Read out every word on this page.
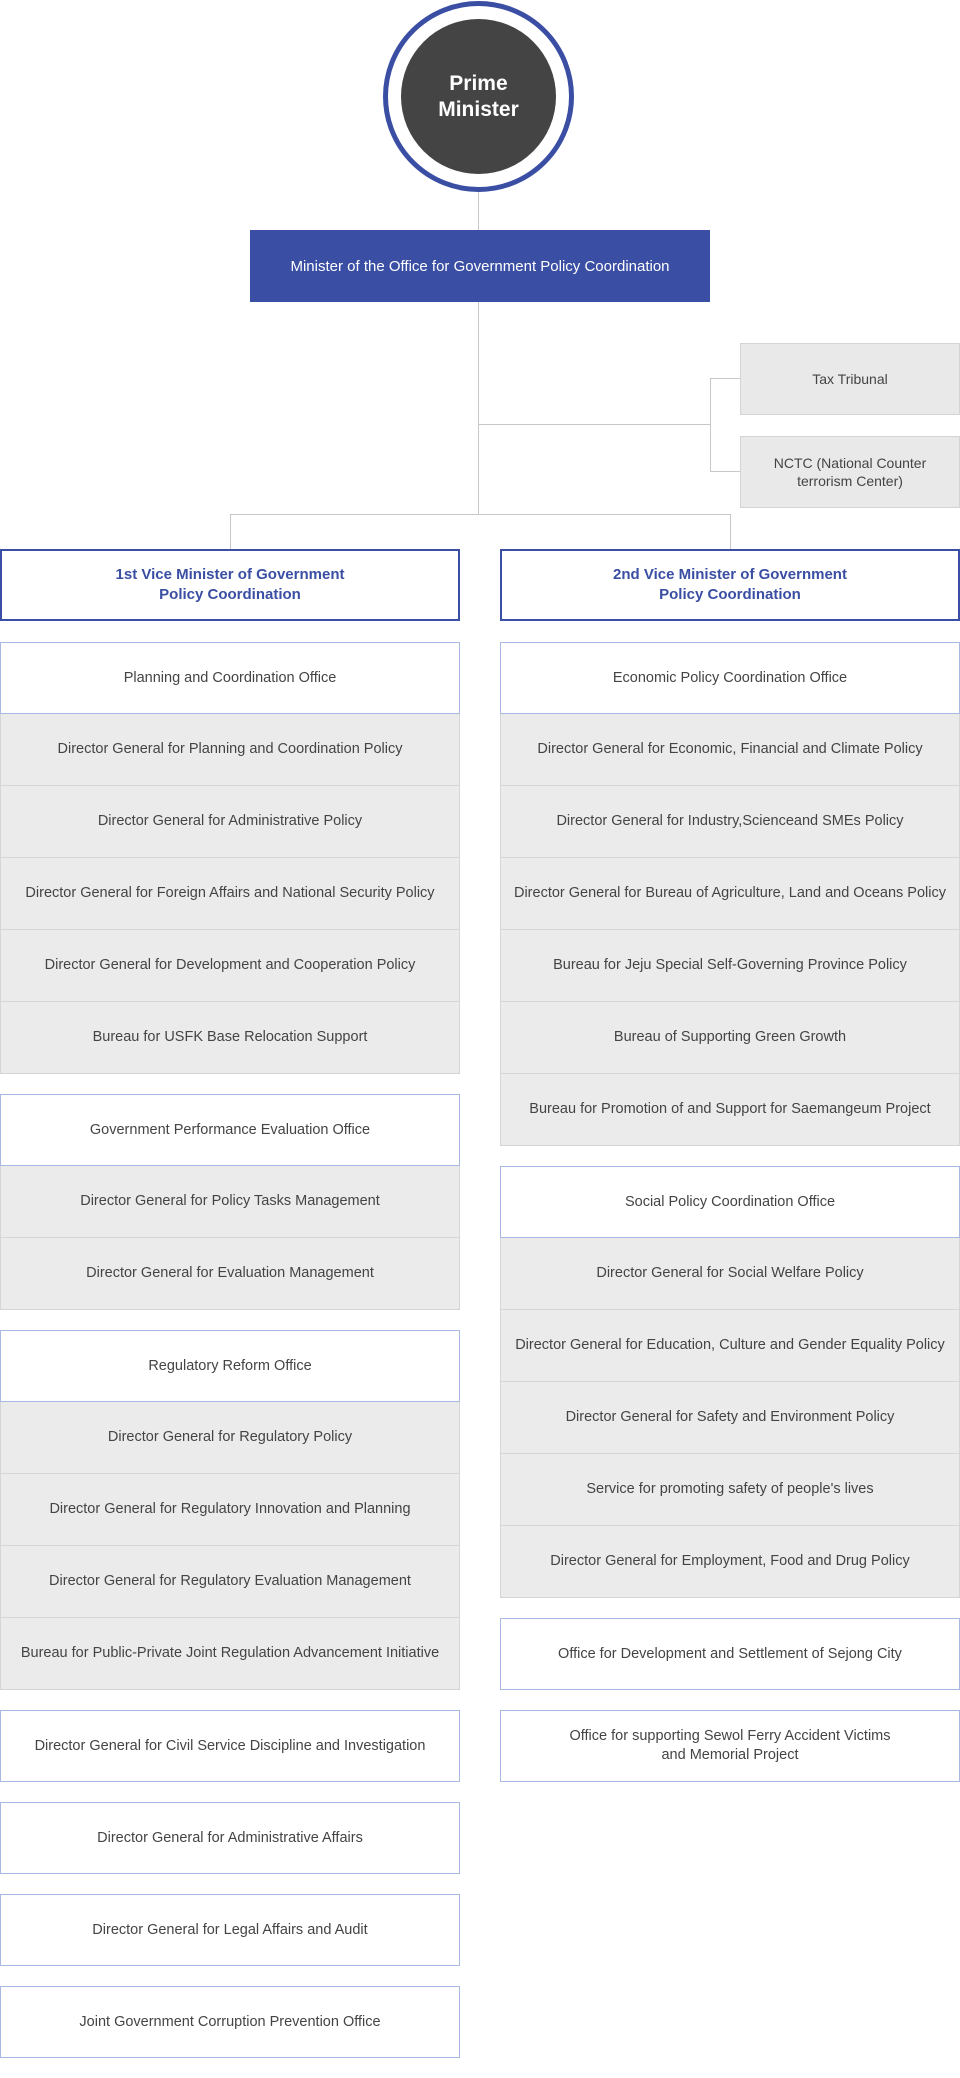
Prime
Minister
Minister of the Office for Government Policy Coordination
Tax Tribunal
NCTC (National Counter
terrorism Center)
1st Vice Minister of Government
Policy Coordination
2nd Vice Minister of Government
Policy Coordination
Planning and Coordination Office
Director General for Planning and Coordination Policy
Director General for Administrative Policy
Director General for Foreign Affairs and National Security Policy
Director General for Development and Cooperation Policy
Bureau for USFK Base Relocation Support
Government Performance Evaluation Office
Director General for Policy Tasks Management
Director General for Evaluation Management
Regulatory Reform Office
Director General for Regulatory Policy
Director General for Regulatory Innovation and Planning
Director General for Regulatory Evaluation Management
Bureau for Public-Private Joint Regulation Advancement Initiative
Director General for Civil Service Discipline and Investigation
Director General for Administrative Affairs
Director General for Legal Affairs and Audit
Joint Government Corruption Prevention Office
Economic Policy Coordination Office
Director General for Economic, Financial and Climate Policy
Director General for Industry,Scienceand SMEs Policy
Director General for Bureau of Agriculture, Land and Oceans Policy
Bureau for Jeju Special Self-Governing Province Policy
Bureau of Supporting Green Growth
Bureau for Promotion of and Support for Saemangeum Project
Social Policy Coordination Office
Director General for Social Welfare Policy
Director General for Education, Culture and Gender Equality Policy
Director General for Safety and Environment Policy
Service for promoting safety of people's lives
Director General for Employment, Food and Drug Policy
Office for Development and Settlement of Sejong City
Office for supporting Sewol Ferry Accident Victims
and Memorial Project
